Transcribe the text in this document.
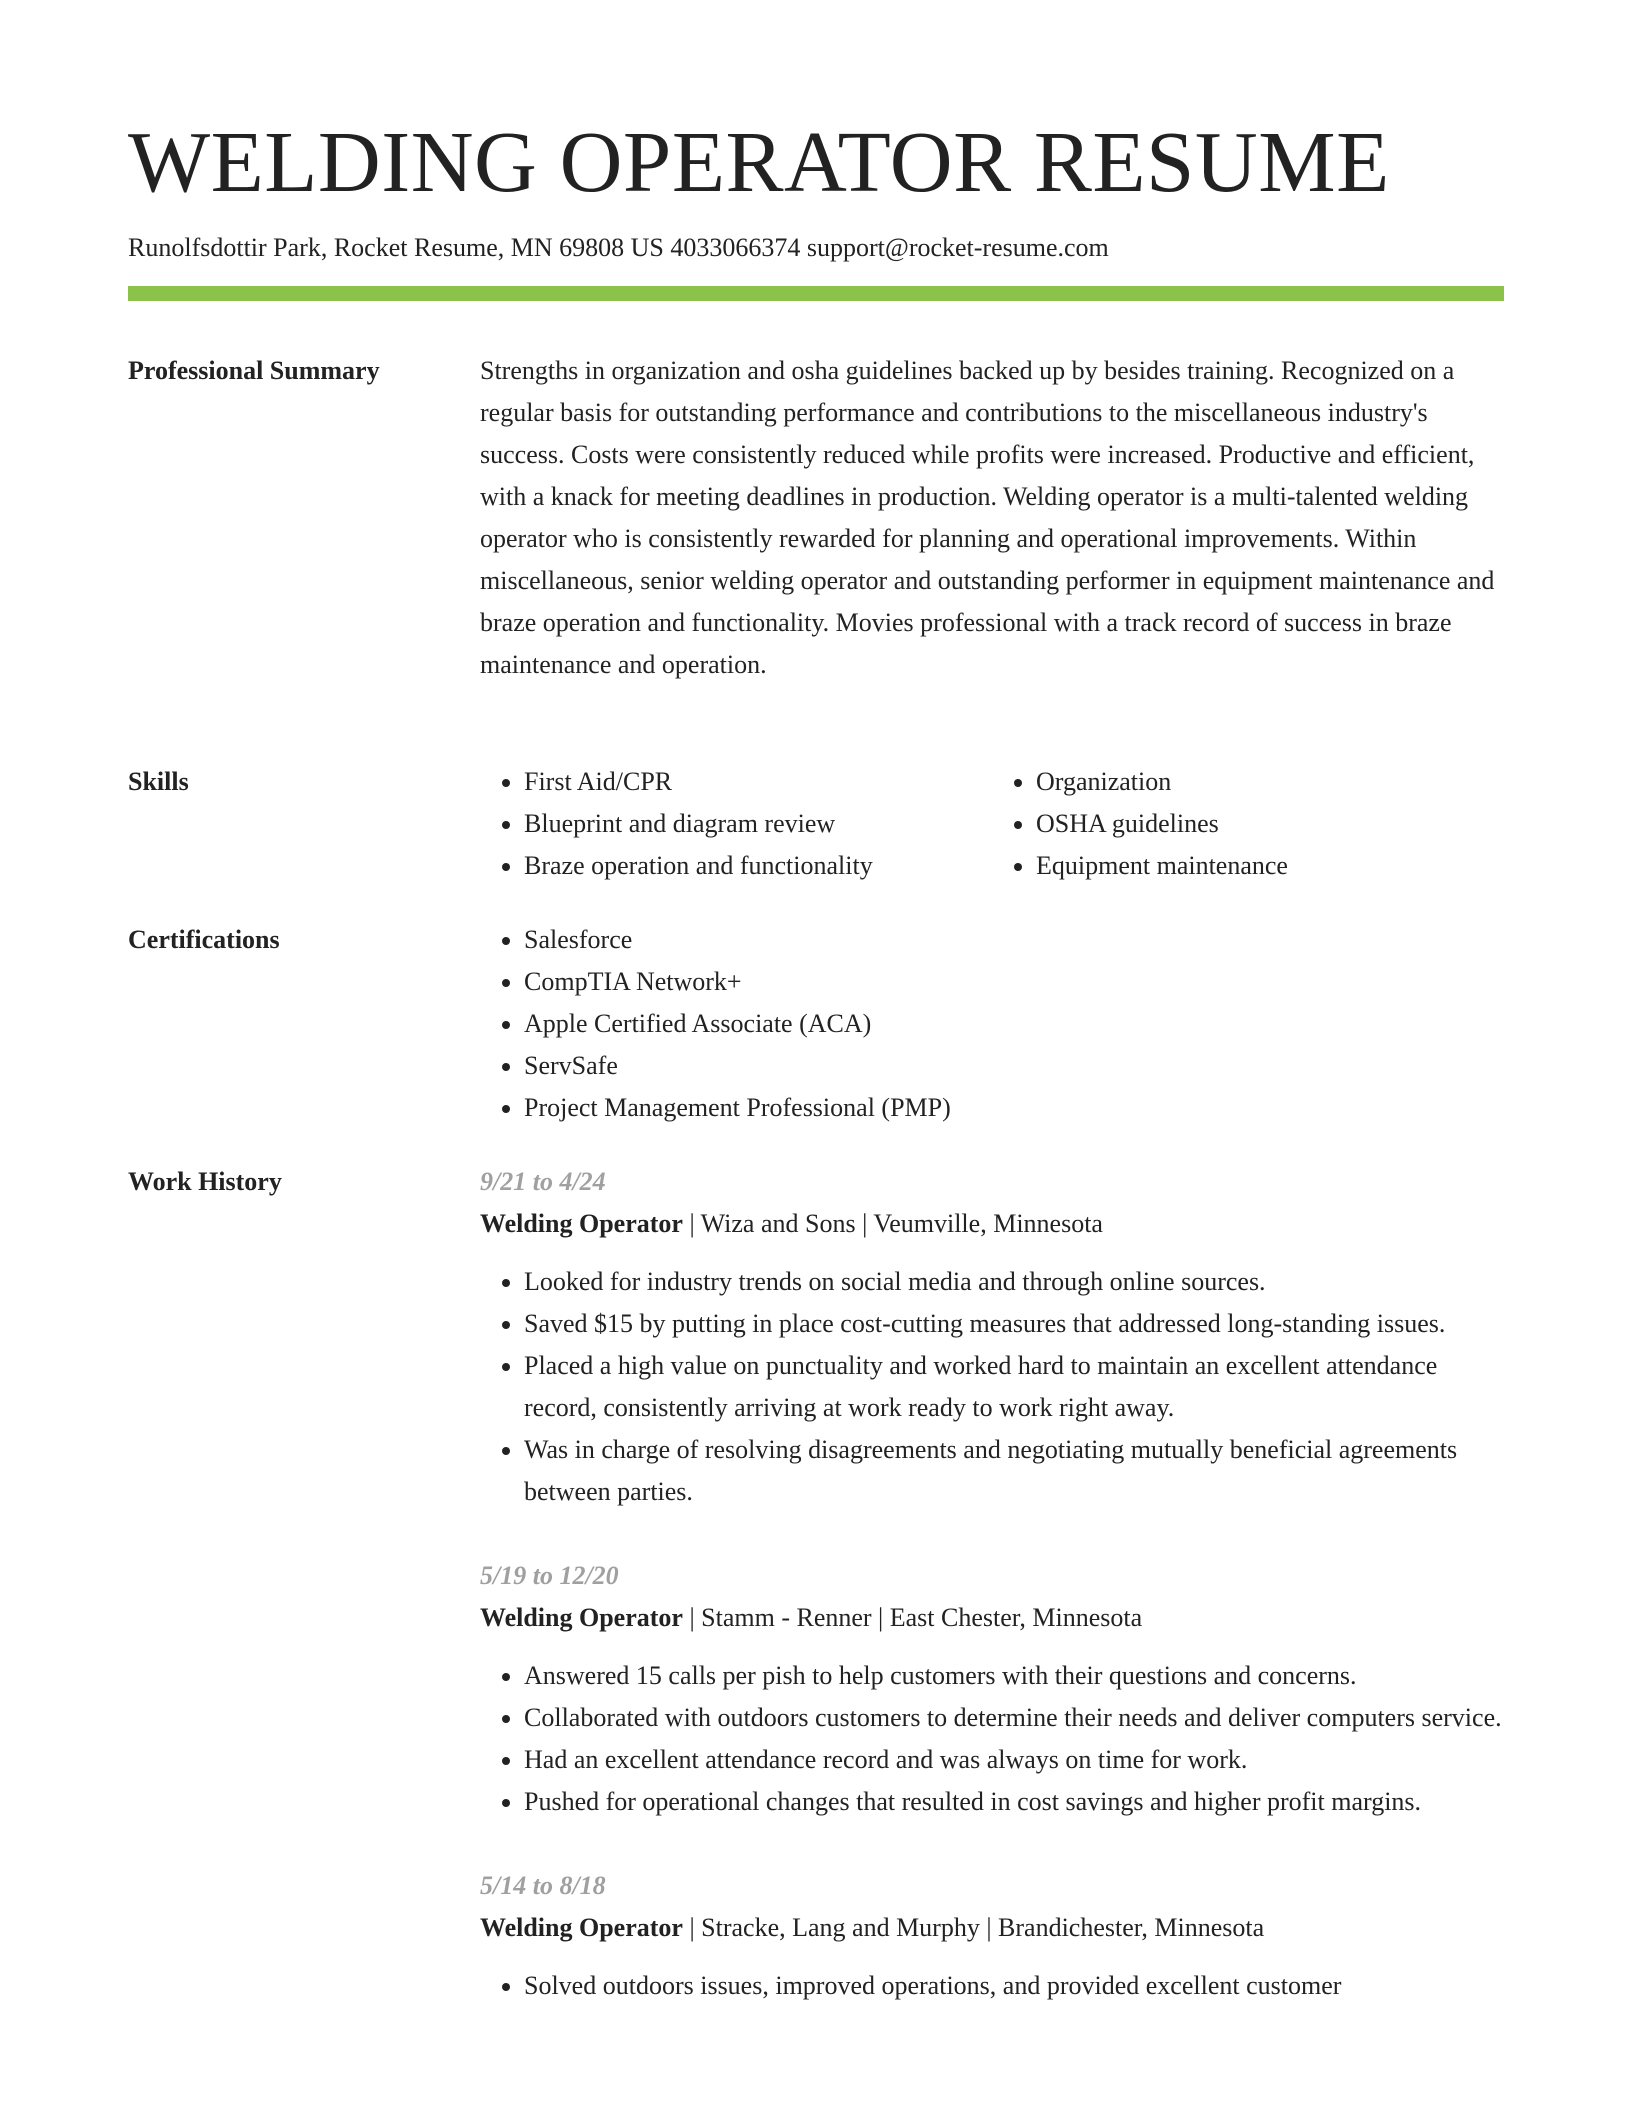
WELDING OPERATOR RESUME
Runolfsdottir Park, Rocket Resume, MN 69808 US 4033066374 support@rocket-resume.com
Professional Summary	Strengths in organization and osha guidelines backed up by besides training. Recognized on a regular basis for outstanding performance and contributions to the miscellaneous industry's success. Costs were consistently reduced while profits were increased. Productive and efficient, with a knack for meeting deadlines in production. Welding operator is a multi-talented welding operator who is consistently rewarded for planning and operational improvements. Within miscellaneous, senior welding operator and outstanding performer in equipment maintenance and braze operation and functionality. Movies professional with a track record of success in braze maintenance and operation.

Skills	• First Aid/CPR
• Blueprint and diagram review
• Braze operation and functionality
• Organization
• OSHA guidelines
• Equipment maintenance
Certifications	• Salesforce
• CompTIA Network+
• Apple Certified Associate (ACA)
• ServSafe
• Project Management Professional (PMP)
Work History	9/21 to 4/24
Welding Operator | Wiza and Sons | Veumville, Minnesota
• Looked for industry trends on social media and through online sources.
• Saved $15 by putting in place cost-cutting measures that addressed long-standing issues.
• Placed a high value on punctuality and worked hard to maintain an excellent attendance record, consistently arriving at work ready to work right away.
• Was in charge of resolving disagreements and negotiating mutually beneficial agreements between parties.
5/19 to 12/20
Welding Operator | Stamm - Renner | East Chester, Minnesota
• Answered 15 calls per pish to help customers with their questions and concerns.
• Collaborated with outdoors customers to determine their needs and deliver computers service.
• Had an excellent attendance record and was always on time for work.
• Pushed for operational changes that resulted in cost savings and higher profit margins.
5/14 to 8/18
Welding Operator | Stracke, Lang and Murphy | Brandichester, Minnesota
• Solved outdoors issues, improved operations, and provided excellent customer
